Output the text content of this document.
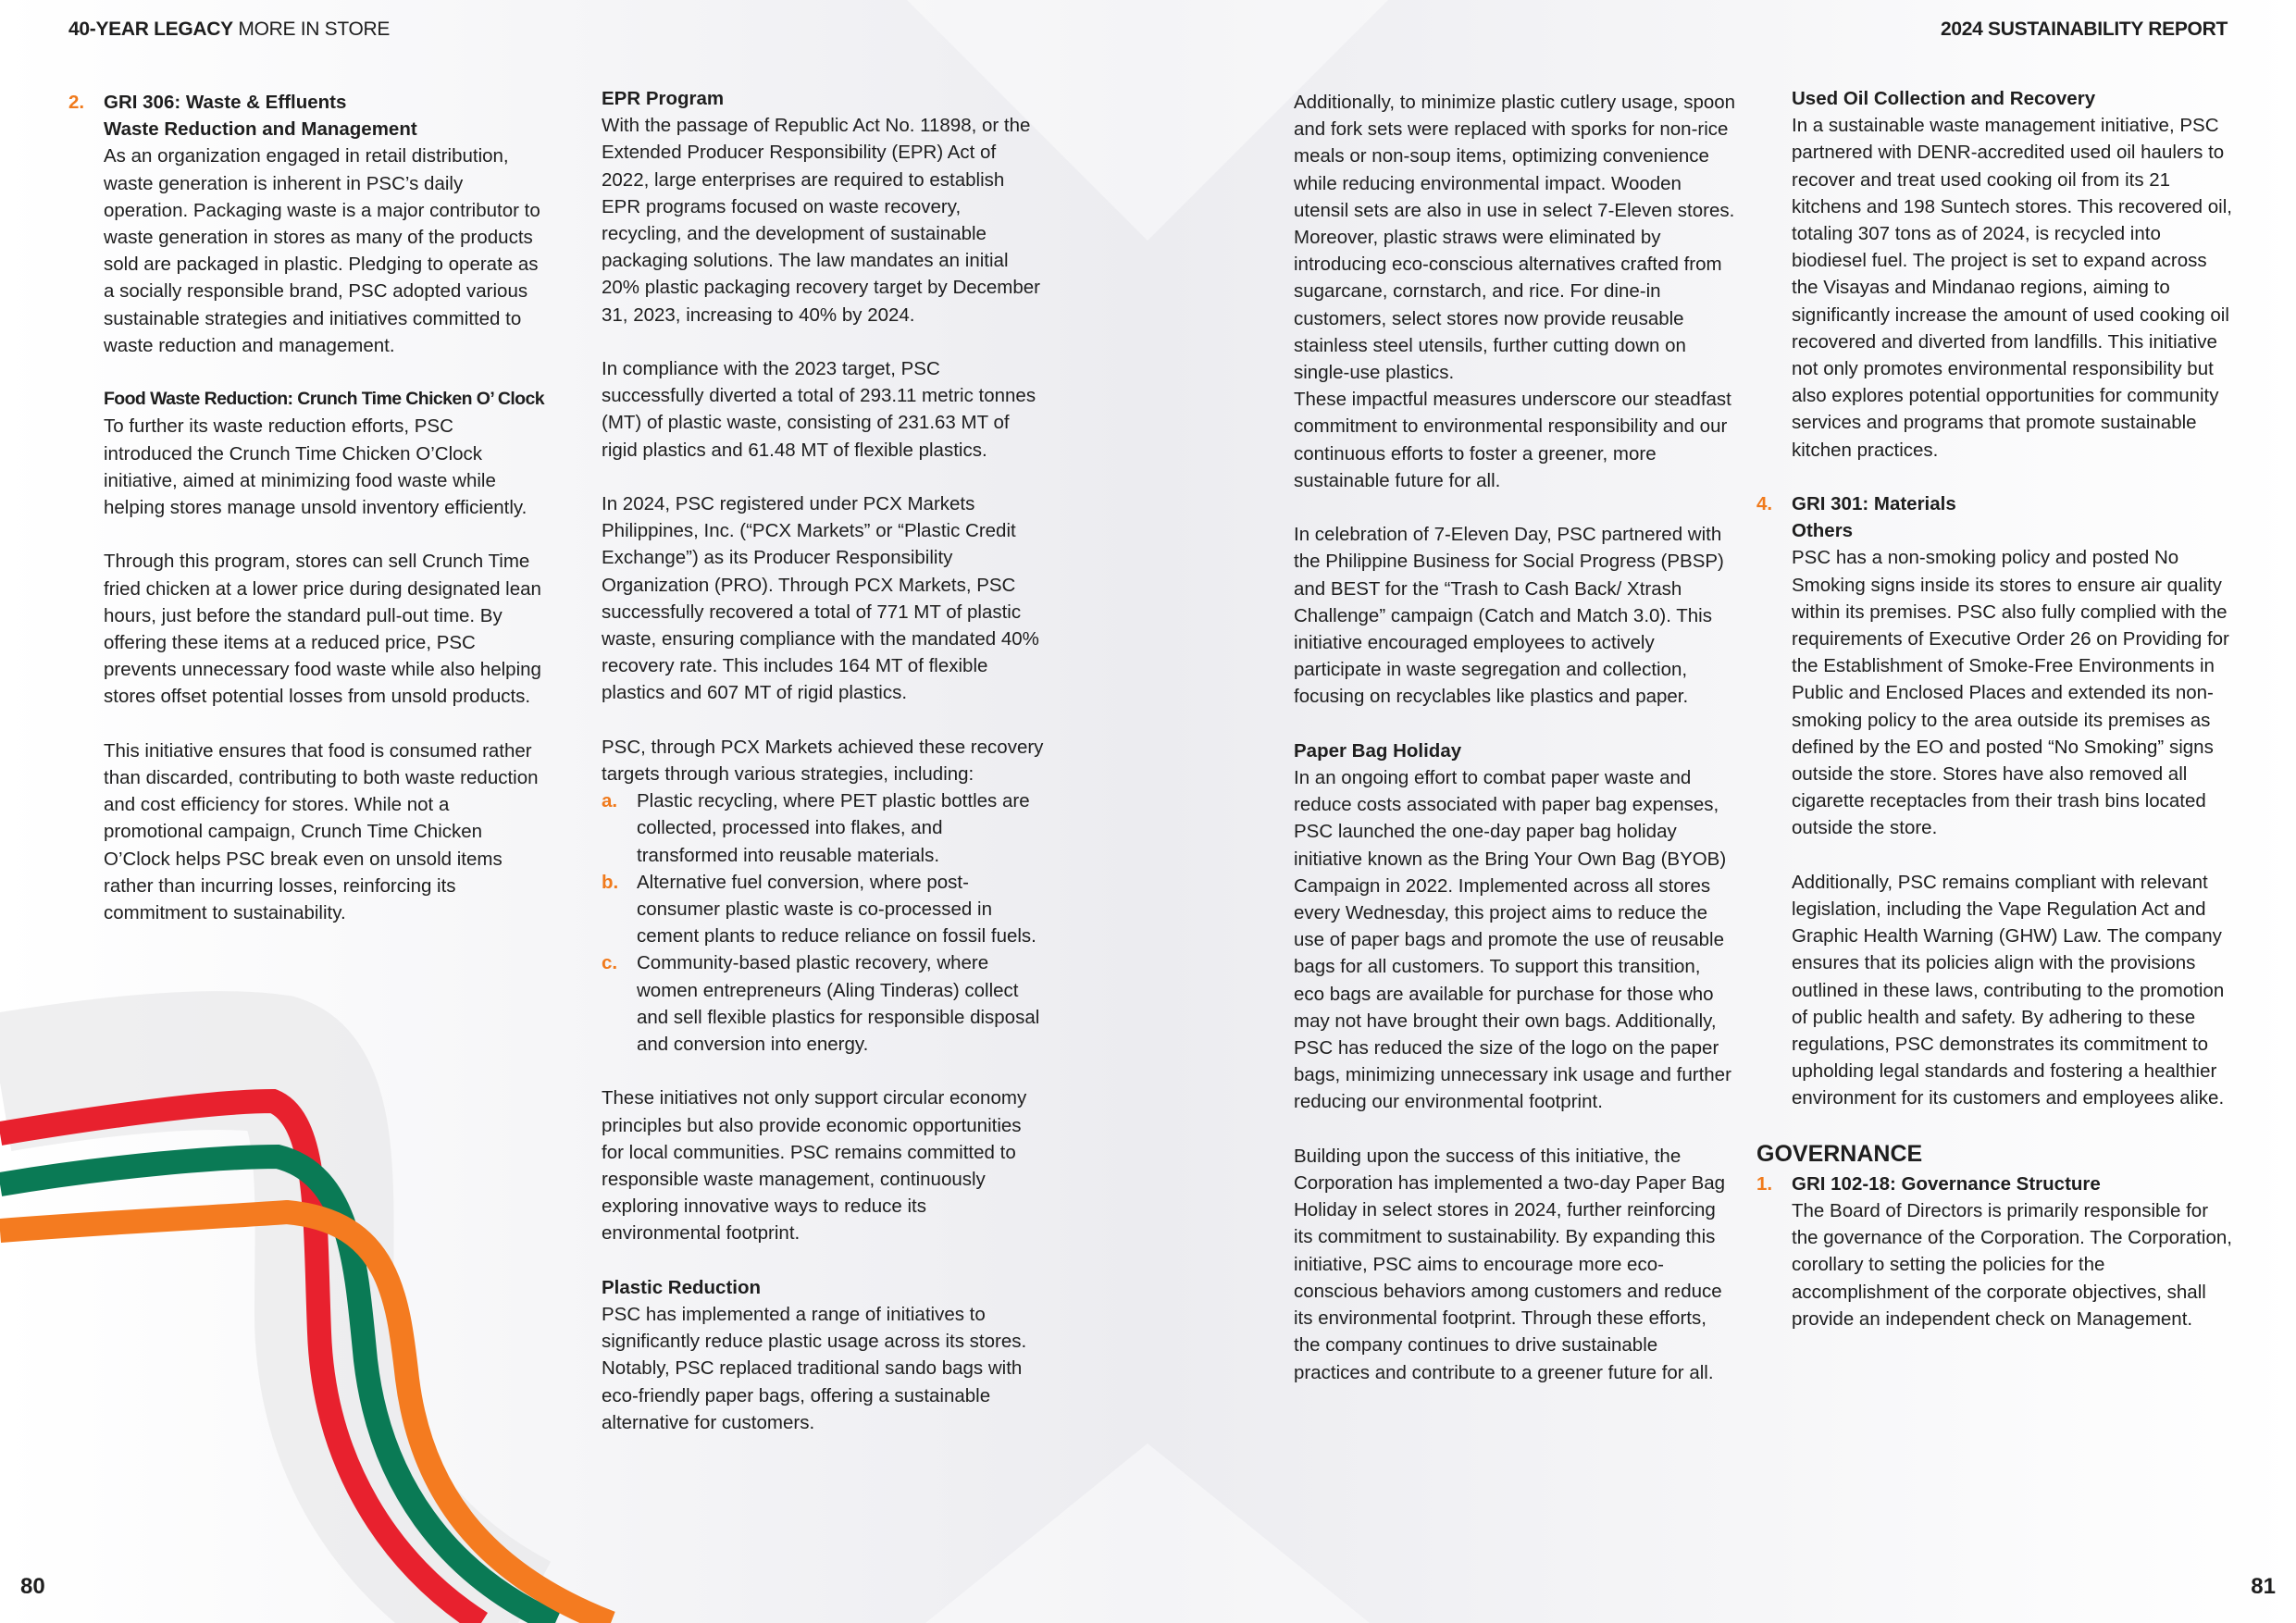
40-YEAR LEGACY MORE IN STORE	2024 SUSTAINABILITY REPORT
80	81
2. GRI 306: Waste & Effluents
Waste Reduction and Management

As an organization engaged in retail distribution, waste generation is inherent in PSC’s daily operation. Packaging waste is a major contributor to waste generation in stores as many of the products sold are packaged in plastic. Pledging to operate as a socially responsible brand, PSC adopted various sustainable strategies and initiatives committed to waste reduction and management.

Food Waste Reduction: Crunch Time Chicken O’ Clock

To further its waste reduction efforts, PSC introduced the Crunch Time Chicken O’Clock initiative, aimed at minimizing food waste while helping stores manage unsold inventory efficiently.

Through this program, stores can sell Crunch Time fried chicken at a lower price during designated lean hours, just before the standard pull-out time. By offering these items at a reduced price, PSC prevents unnecessary food waste while also helping stores offset potential losses from unsold products.

This initiative ensures that food is consumed rather than discarded, contributing to both waste reduction and cost efficiency for stores. While not a promotional campaign, Crunch Time Chicken O’Clock helps PSC break even on unsold items rather than incurring losses, reinforcing its commitment to sustainability.

EPR Program

With the passage of Republic Act No. 11898, or the Extended Producer Responsibility (EPR) Act of 2022, large enterprises are required to establish EPR programs focused on waste recovery, recycling, and the development of sustainable packaging solutions. The law mandates an initial 20% plastic packaging recovery target by December 31, 2023, increasing to 40% by 2024.

In compliance with the 2023 target, PSC successfully diverted a total of 293.11 metric tonnes (MT) of plastic waste, consisting of 231.63 MT of rigid plastics and 61.48 MT of flexible plastics.

In 2024, PSC registered under PCX Markets Philippines, Inc. (“PCX Markets” or “Plastic Credit Exchange”) as its Producer Responsibility Organization (PRO). Through PCX Markets, PSC successfully recovered a total of 771 MT of plastic waste, ensuring compliance with the mandated 40% recovery rate. This includes 164 MT of flexible plastics and 607 MT of rigid plastics.

PSC, through PCX Markets achieved these recovery targets through various strategies, including:

a. Plastic recycling, where PET plastic bottles are collected, processed into flakes, and transformed into reusable materials.
b. Alternative fuel conversion, where post-consumer plastic waste is co-processed in cement plants to reduce reliance on fossil fuels.
c. Community-based plastic recovery, where women entrepreneurs (Aling Tinderas) collect and sell flexible plastics for responsible disposal and conversion into energy.

These initiatives not only support circular economy principles but also provide economic opportunities for local communities. PSC remains committed to responsible waste management, continuously exploring innovative ways to reduce its environmental footprint.

Plastic Reduction

PSC has implemented a range of initiatives to significantly reduce plastic usage across its stores. Notably, PSC replaced traditional sando bags with eco-friendly paper bags, offering a sustainable alternative for customers.

Additionally, to minimize plastic cutlery usage, spoon and fork sets were replaced with sporks for non-rice meals or non-soup items, optimizing convenience while reducing environmental impact. Wooden utensil sets are also in use in select 7-Eleven stores. Moreover, plastic straws were eliminated by introducing eco-conscious alternatives crafted from sugarcane, cornstarch, and rice. For dine-in customers, select stores now provide reusable stainless steel utensils, further cutting down on single-use plastics.

These impactful measures underscore our steadfast commitment to environmental responsibility and our continuous efforts to foster a greener, more sustainable future for all.

In celebration of 7-Eleven Day, PSC partnered with the Philippine Business for Social Progress (PBSP) and BEST for the “Trash to Cash Back/ Xtrash Challenge” campaign (Catch and Match 3.0). This initiative encouraged employees to actively participate in waste segregation and collection, focusing on recyclables like plastics and paper.

Paper Bag Holiday

In an ongoing effort to combat paper waste and reduce costs associated with paper bag expenses, PSC launched the one-day paper bag holiday initiative known as the Bring Your Own Bag (BYOB) Campaign in 2022. Implemented across all stores every Wednesday, this project aims to reduce the use of paper bags and promote the use of reusable bags for all customers. To support this transition, eco bags are available for purchase for those who may not have brought their own bags. Additionally, PSC has reduced the size of the logo on the paper bags, minimizing unnecessary ink usage and further reducing our environmental footprint.

Building upon the success of this initiative, the Corporation has implemented a two-day Paper Bag Holiday in select stores in 2024, further reinforcing its commitment to sustainability. By expanding this initiative, PSC aims to encourage more eco-conscious behaviors among customers and reduce its environmental footprint. Through these efforts, the company continues to drive sustainable practices and contribute to a greener future for all.

Used Oil Collection and Recovery

In a sustainable waste management initiative, PSC partnered with DENR-accredited used oil haulers to recover and treat used cooking oil from its 21 kitchens and 198 Suntech stores. This recovered oil, totaling 307 tons as of 2024, is recycled into biodiesel fuel. The project is set to expand across the Visayas and Mindanao regions, aiming to significantly increase the amount of used cooking oil recovered and diverted from landfills. This initiative not only promotes environmental responsibility but also explores potential opportunities for community services and programs that promote sustainable kitchen practices.

4. GRI 301: Materials
Others

PSC has a non-smoking policy and posted No Smoking signs inside its stores to ensure air quality within its premises. PSC also fully complied with the requirements of Executive Order 26 on Providing for the Establishment of Smoke-Free Environments in Public and Enclosed Places and extended its non-smoking policy to the area outside its premises as defined by the EO and posted “No Smoking” signs outside the store. Stores have also removed all cigarette receptacles from their trash bins located outside the store.

Additionally, PSC remains compliant with relevant legislation, including the Vape Regulation Act and Graphic Health Warning (GHW) Law. The company ensures that its policies align with the provisions outlined in these laws, contributing to the promotion of public health and safety. By adhering to these regulations, PSC demonstrates its commitment to upholding legal standards and fostering a healthier environment for its customers and employees alike.

GOVERNANCE
1. GRI 102-18: Governance Structure

The Board of Directors is primarily responsible for the governance of the Corporation. The Corporation, corollary to setting the policies for the accomplishment of the corporate objectives, shall provide an independent check on Management.
